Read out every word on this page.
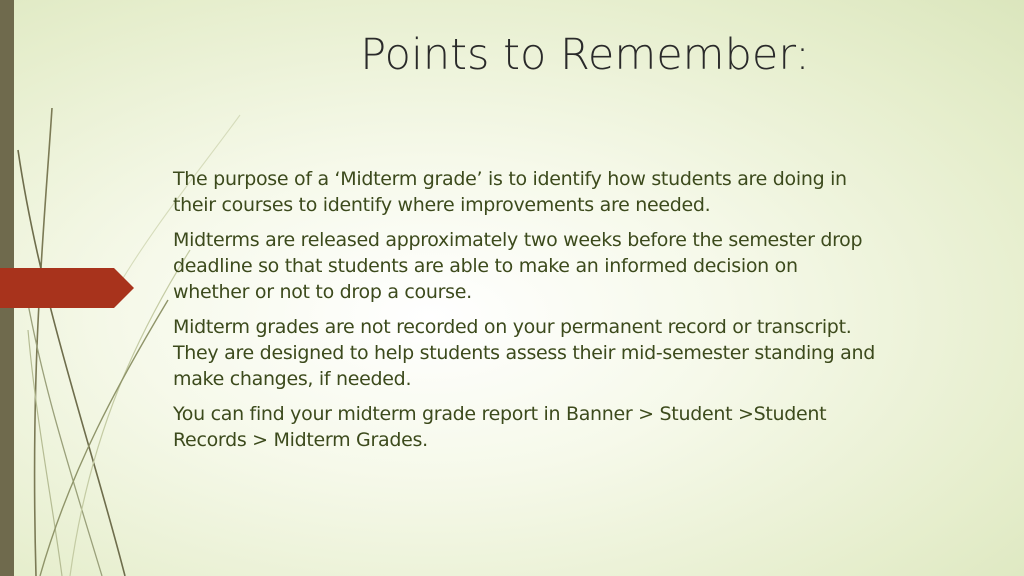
Points to Remember:
The purpose of a ‘Midterm grade’ is to identify how students are doing in
their courses to identify where improvements are needed.
Midterms are released approximately two weeks before the semester drop
deadline so that students are able to make an informed decision on
whether or not to drop a course.
Midterm grades are not recorded on your permanent record or transcript.
They are designed to help students assess their mid-semester standing and
make changes, if needed.
You can find your midterm grade report in Banner > Student >Student
Records > Midterm Grades.
